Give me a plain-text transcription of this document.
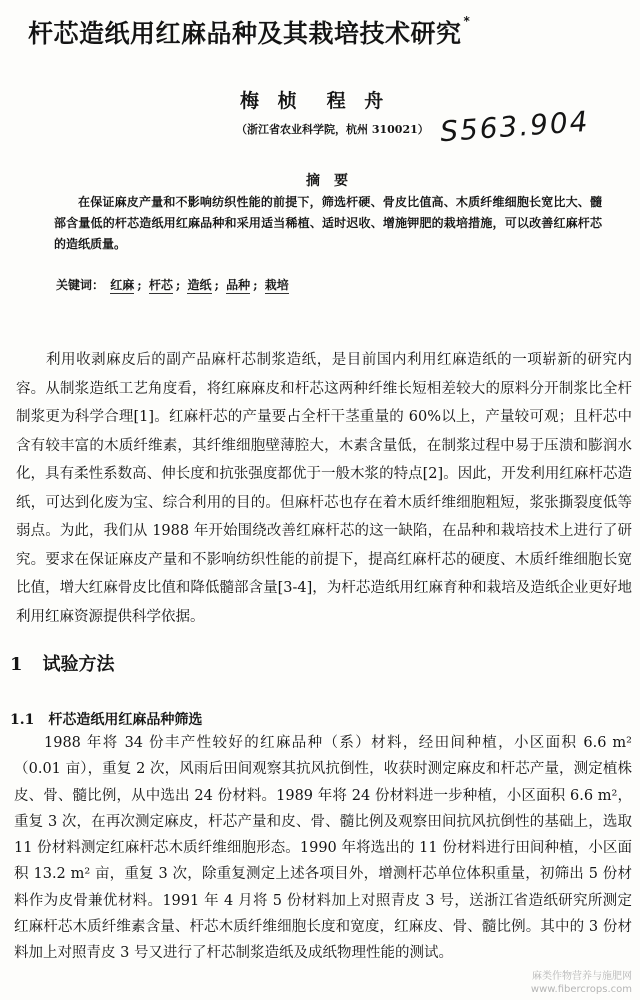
杆芯造纸用红麻品种及其栽培技术研究 *
梅 桢 程 舟
（浙江省农业科学院，杭州 310021） S563.904
摘要
在保证麻皮产量和不影响纺织性能的前提下，筛选杆硬、骨皮比值高、木质纤维细胞长宽比大、髓部含量低的杆芯造纸用红麻品种和采用适当稀植、适时迟收、增施钾肥的栽培措施，可以改善红麻杆芯的造纸质量。
关键词： 红麻 ; 杆芯 ; 造纸 ; 品种 ; 栽培
利用收剥麻皮后的副产品麻杆芯制浆造纸，是目前国内利用红麻造纸的一项崭新的研究内容。从制浆造纸工艺角度看，将红麻麻皮和杆芯这两种纤维长短相差较大的原料分开制浆比全杆制浆更为科学合理[1]。红麻杆芯的产量要占全杆干茎重量的 60%以上，产量较可观；且杆芯中含有较丰富的木质纤维素，其纤维细胞壁薄腔大，木素含量低，在制浆过程中易于压溃和膨润水化，具有柔性系数高、伸长度和抗张强度都优于一般木浆的特点[2]。因此，开发利用红麻杆芯造纸，可达到化废为宝、综合利用的目的。但麻杆芯也存在着木质纤维细胞粗短，浆张撕裂度低等弱点。为此，我们从 1988 年开始围绕改善红麻杆芯的这一缺陷，在品种和栽培技术上进行了研究。要求在保证麻皮产量和不影响纺织性能的前提下，提高红麻杆芯的硬度、木质纤维细胞长宽比值，增大红麻骨皮比值和降低髓部含量[3-4]，为杆芯造纸用红麻育种和栽培及造纸企业更好地利用红麻资源提供科学依据。
1 试验方法
1.1 杆芯造纸用红麻品种筛选
1988 年将 34 份丰产性较好的红麻品种（系）材料，经田间种植，小区面积 6.6 m²（0.01 亩），重复 2 次，风雨后田间观察其抗风抗倒性，收获时测定麻皮和杆芯产量，测定植株皮、骨、髓比例，从中选出 24 份材料。1989 年将 24 份材料进一步种植，小区面积 6.6 m²，重复 3 次，在再次测定麻皮，杆芯产量和皮、骨、髓比例及观察田间抗风抗倒性的基础上，选取 11 份材料测定红麻杆芯木质纤维细胞形态。1990 年将选出的 11 份材料进行田间种植，小区面积 13.2 m² 亩，重复 3 次，除重复测定上述各项目外，增测杆芯单位体积重量，初筛出 5 份材料作为皮骨兼优材料。1991 年 4 月将 5 份材料加上对照青皮 3 号，送浙江省造纸研究所测定红麻杆芯木质纤维素含量、杆芯木质纤维细胞长度和宽度，红麻皮、骨、髓比例。其中的 3 份材料加上对照青皮 3 号又进行了杆芯制浆造纸及成纸物理性能的测试。
麻类作物营养与施肥网
www.fibercrops.com
